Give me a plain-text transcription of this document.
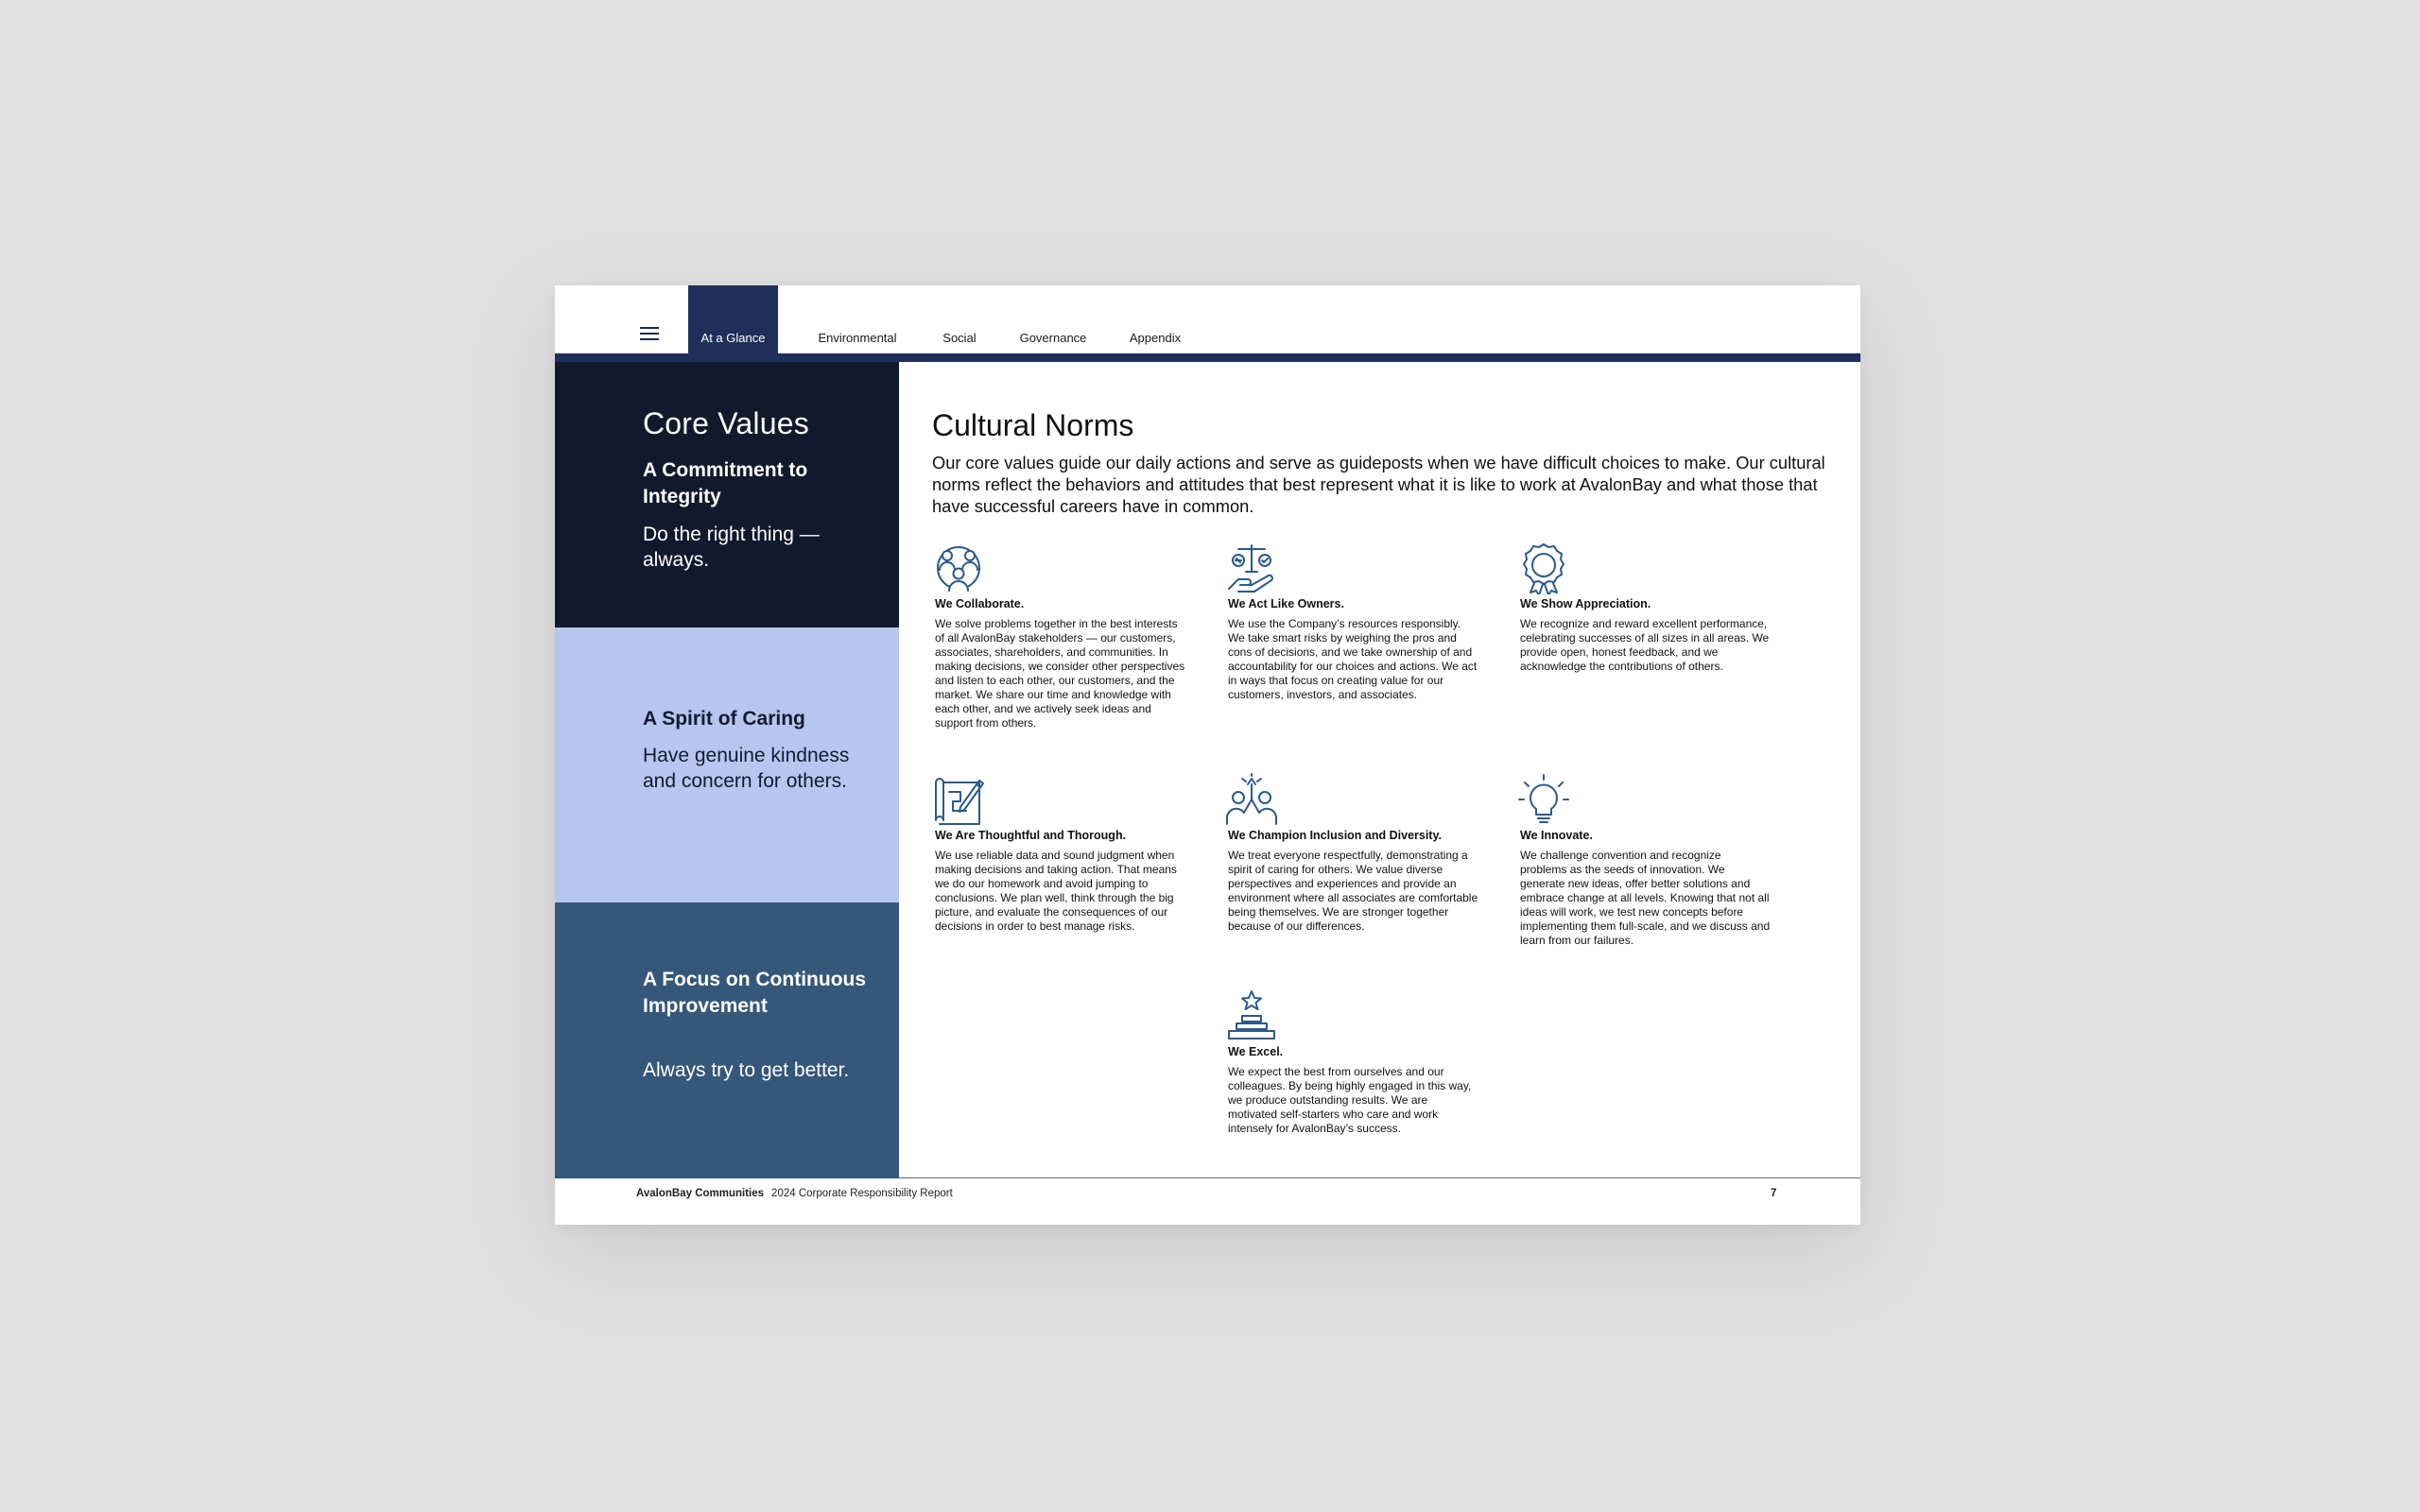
At a Glance	Environmental	Social	Governance	Appendix
Core Values
A Commitment to Integrity
Do the right thing — always.
A Spirit of Caring
Have genuine kindness and concern for others.
A Focus on Continuous Improvement
Always try to get better.
Cultural Norms
Our core values guide our daily actions and serve as guideposts when we have difficult choices to make. Our cultural norms reflect the behaviors and attitudes that best represent what it is like to work at AvalonBay and what those that have successful careers have in common.
We Collaborate.
We solve problems together in the best interests of all AvalonBay stakeholders — our customers, associates, shareholders, and communities. In making decisions, we consider other perspectives and listen to each other, our customers, and the market. We share our time and knowledge with each other, and we actively seek ideas and support from others.
We Act Like Owners.
We use the Company’s resources responsibly. We take smart risks by weighing the pros and cons of decisions, and we take ownership of and accountability for our choices and actions. We act in ways that focus on creating value for our customers, investors, and associates.
We Show Appreciation.
We recognize and reward excellent performance, celebrating successes of all sizes in all areas. We provide open, honest feedback, and we acknowledge the contributions of others.
We Are Thoughtful and Thorough.
We use reliable data and sound judgment when making decisions and taking action. That means we do our homework and avoid jumping to conclusions. We plan well, think through the big picture, and evaluate the consequences of our decisions in order to best manage risks.
We Champion Inclusion and Diversity.
We treat everyone respectfully, demonstrating a spirit of caring for others. We value diverse perspectives and experiences and provide an environment where all associates are comfortable being themselves. We are stronger together because of our differences.
We Innovate.
We challenge convention and recognize problems as the seeds of innovation. We generate new ideas, offer better solutions and embrace change at all levels. Knowing that not all ideas will work, we test new concepts before implementing them full-scale, and we discuss and learn from our failures.
We Excel.
We expect the best from ourselves and our colleagues. By being highly engaged in this way, we produce outstanding results. We are motivated self-starters who care and work intensely for AvalonBay’s success.
AvalonBay Communities 2024 Corporate Responsibility Report	7
